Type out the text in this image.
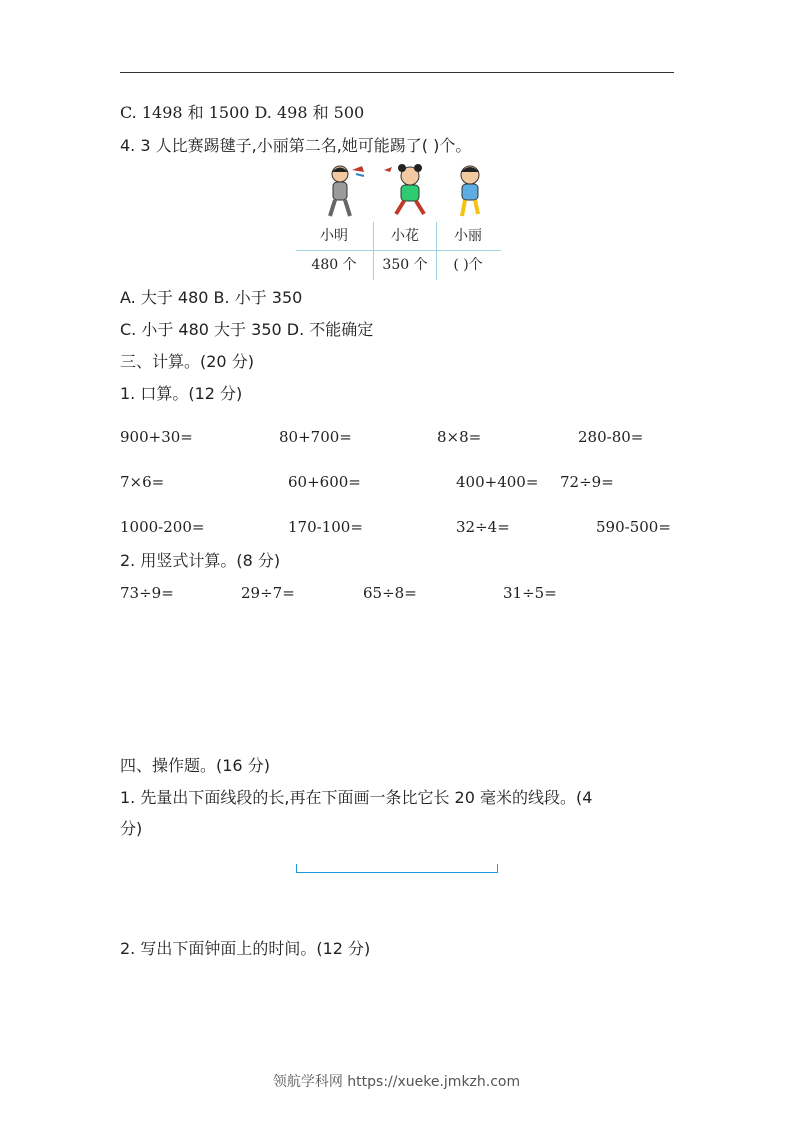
C. 1498 和 1500 D. 498 和 500
4. 3 人比赛踢毽子,小丽第二名,她可能踢了( )个。
小明	小花	小丽
480 个	350 个	( )个
A. 大于 480 B. 小于 350
C. 小于 480 大于 350 D. 不能确定
三、计算。(20 分)
1. 口算。(12 分)
900+30=	80+700=	8×8=	280-80=
7×6=	60+600=	400+400= 72÷9=
1000-200=	170-100=	32÷4=	590-500=
2. 用竖式计算。(8 分)
73÷9=	29÷7=	65÷8=	31÷5=
四、操作题。(16 分)
1. 先量出下面线段的长,再在下面画一条比它长 20 毫米的线段。(4
分)
2. 写出下面钟面上的时间。(12 分)
领航学科网 https://xueke.jmkzh.com
